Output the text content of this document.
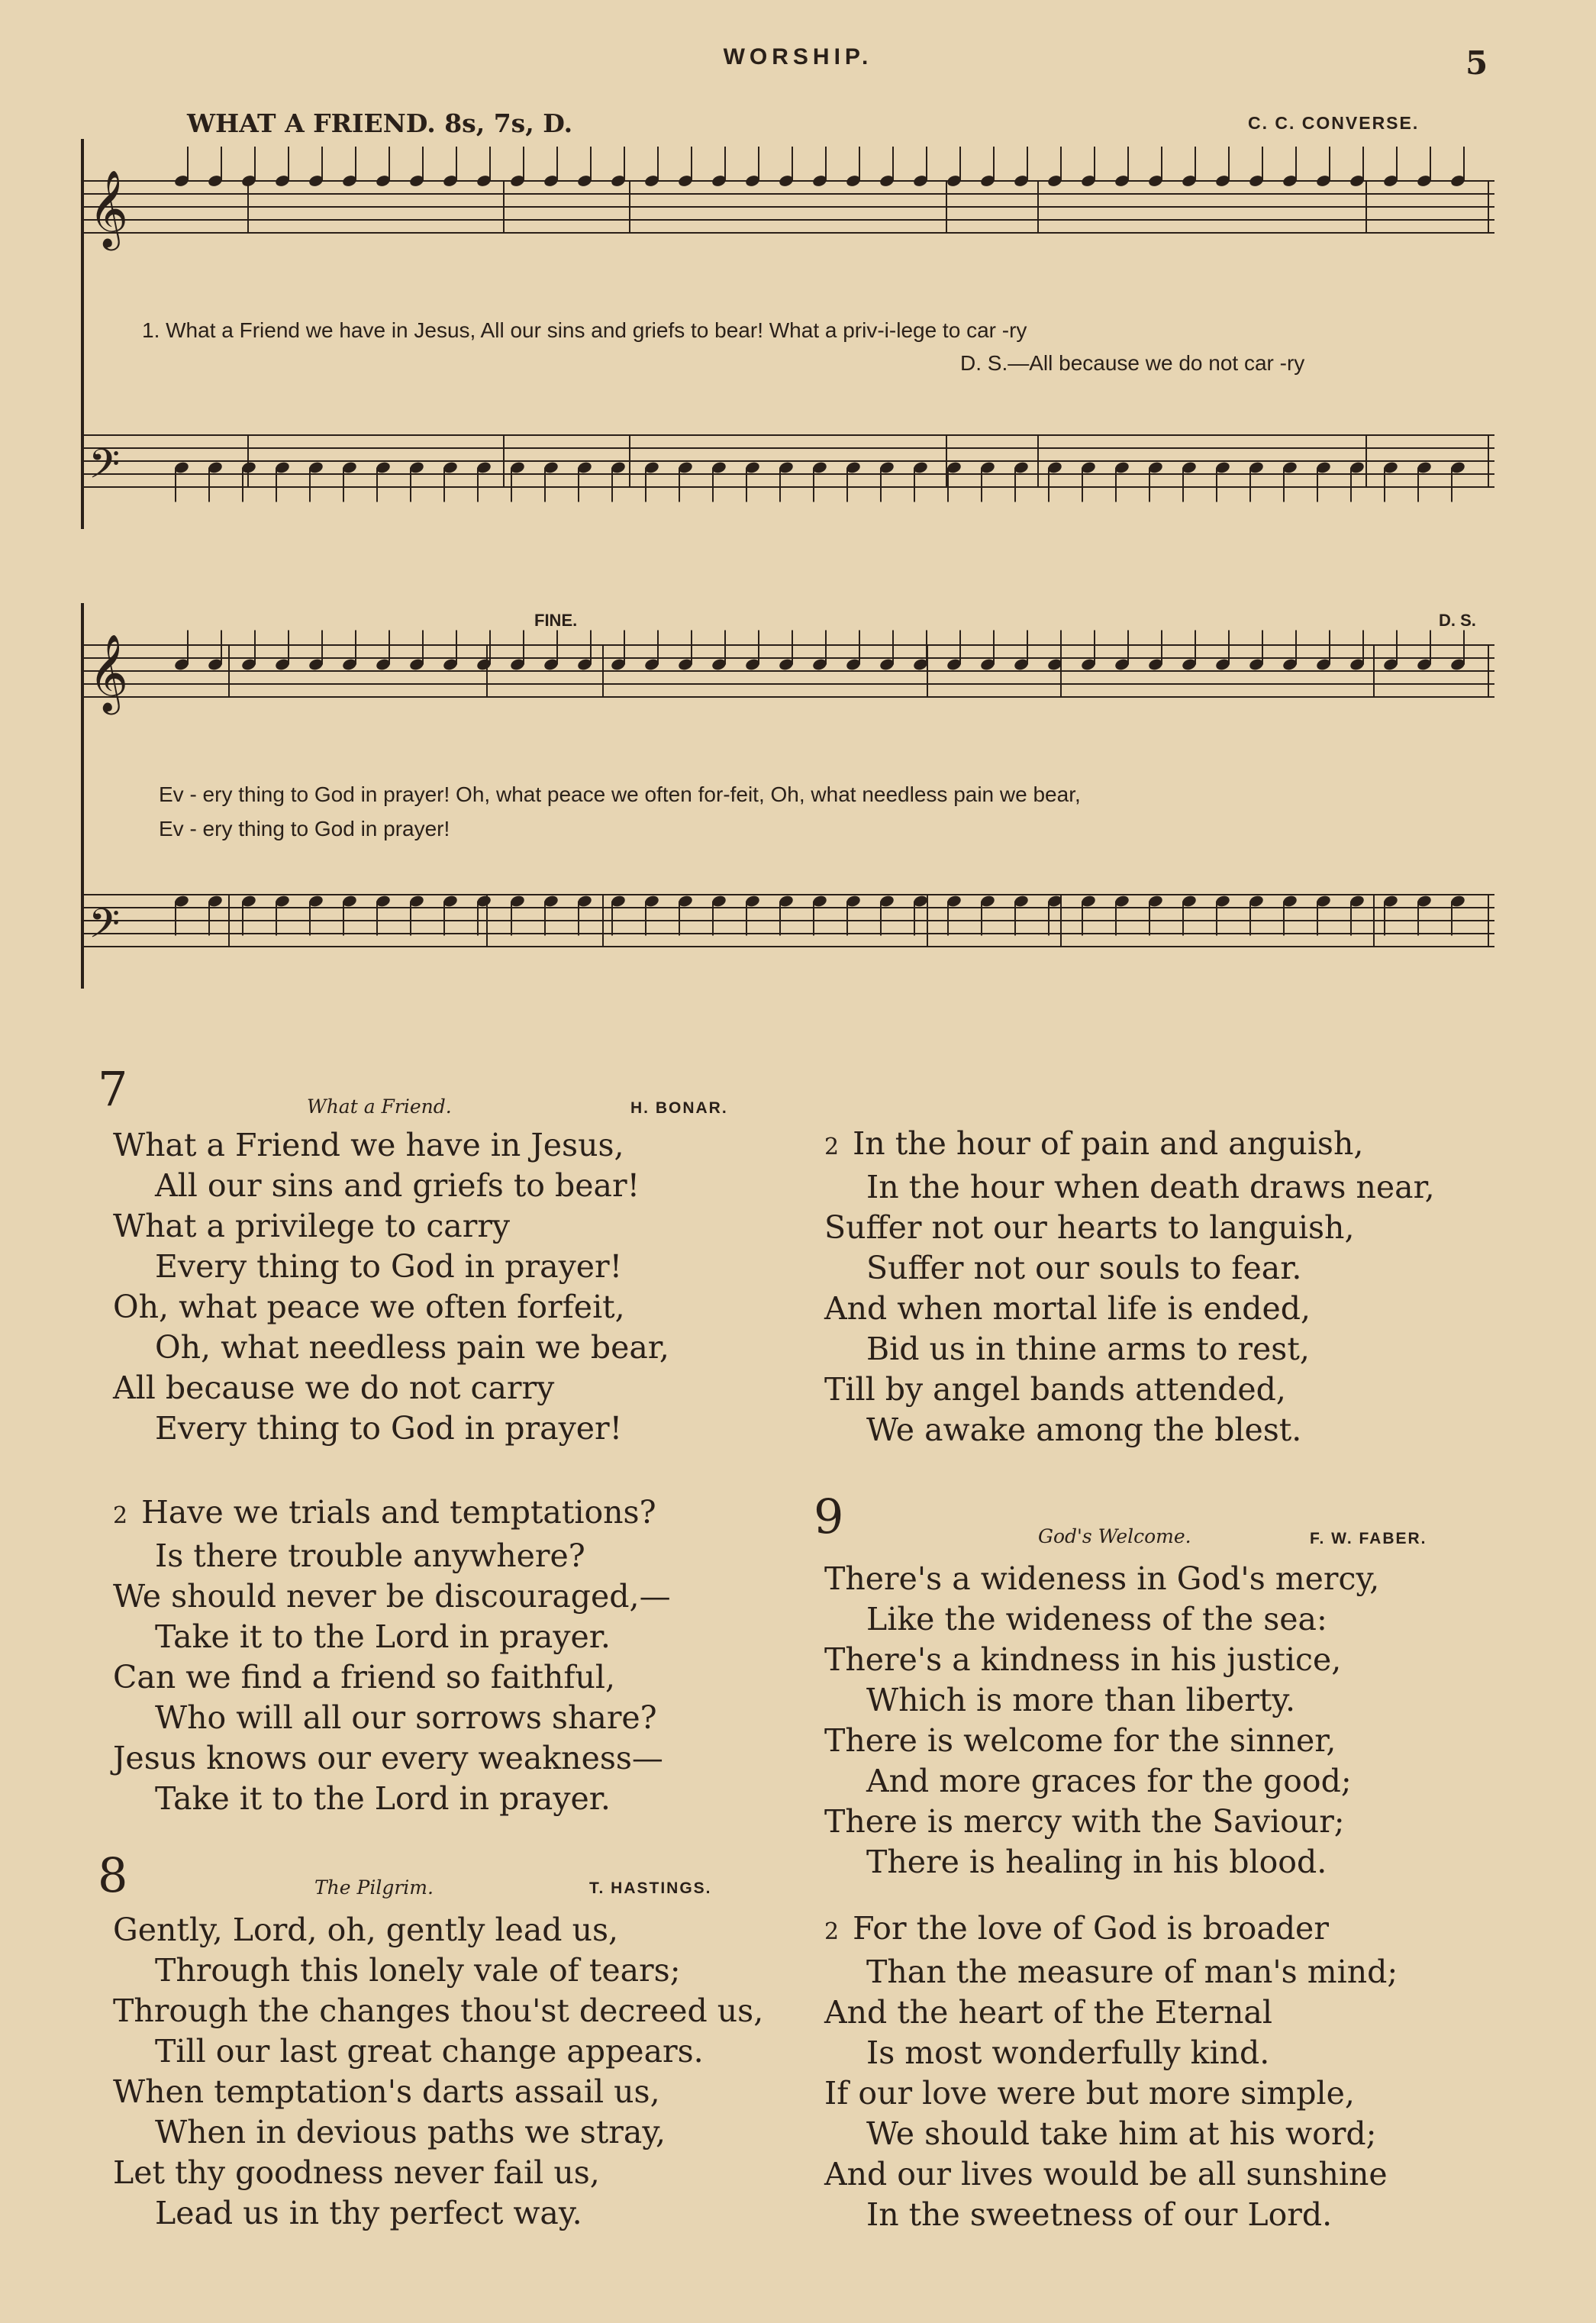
WORSHIP.	5
WHAT A FRIEND. 8s, 7s, D.	C. C. CONVERSE.
𝄞
𝄢
𝄞
𝄢
FINE.	D. S.
1. What a Friend we have in Jesus, All our sins and griefs to bear! What a priv-i-lege to car -ry
D. S.—All because we do not car -ry
Ev - ery thing to God in prayer! Oh, what peace we often for-feit, Oh, what needless pain we bear,
Ev - ery thing to God in prayer!
7	What a Friend.	H. BONAR.
What a Friend we have in Jesus,
All our sins and griefs to bear!
What a privilege to carry
Every thing to God in prayer!
Oh, what peace we often forfeit,
Oh, what needless pain we bear,
All because we do not carry
Every thing to God in prayer!
2 Have we trials and temptations?
Is there trouble anywhere?
We should never be discouraged,—
Take it to the Lord in prayer.
Can we find a friend so faithful,
Who will all our sorrows share?
Jesus knows our every weakness—
Take it to the Lord in prayer.
8	The Pilgrim.	T. HASTINGS.
Gently, Lord, oh, gently lead us,
Through this lonely vale of tears;
Through the changes thou'st decreed us,
Till our last great change appears.
When temptation's darts assail us,
When in devious paths we stray,
Let thy goodness never fail us,
Lead us in thy perfect way.
2 In the hour of pain and anguish,
In the hour when death draws near,
Suffer not our hearts to languish,
Suffer not our souls to fear.
And when mortal life is ended,
Bid us in thine arms to rest,
Till by angel bands attended,
We awake among the blest.
9	God's Welcome.	F. W. FABER.
There's a wideness in God's mercy,
Like the wideness of the sea:
There's a kindness in his justice,
Which is more than liberty.
There is welcome for the sinner,
And more graces for the good;
There is mercy with the Saviour;
There is healing in his blood.
2 For the love of God is broader
Than the measure of man's mind;
And the heart of the Eternal
Is most wonderfully kind.
If our love were but more simple,
We should take him at his word;
And our lives would be all sunshine
In the sweetness of our Lord.
